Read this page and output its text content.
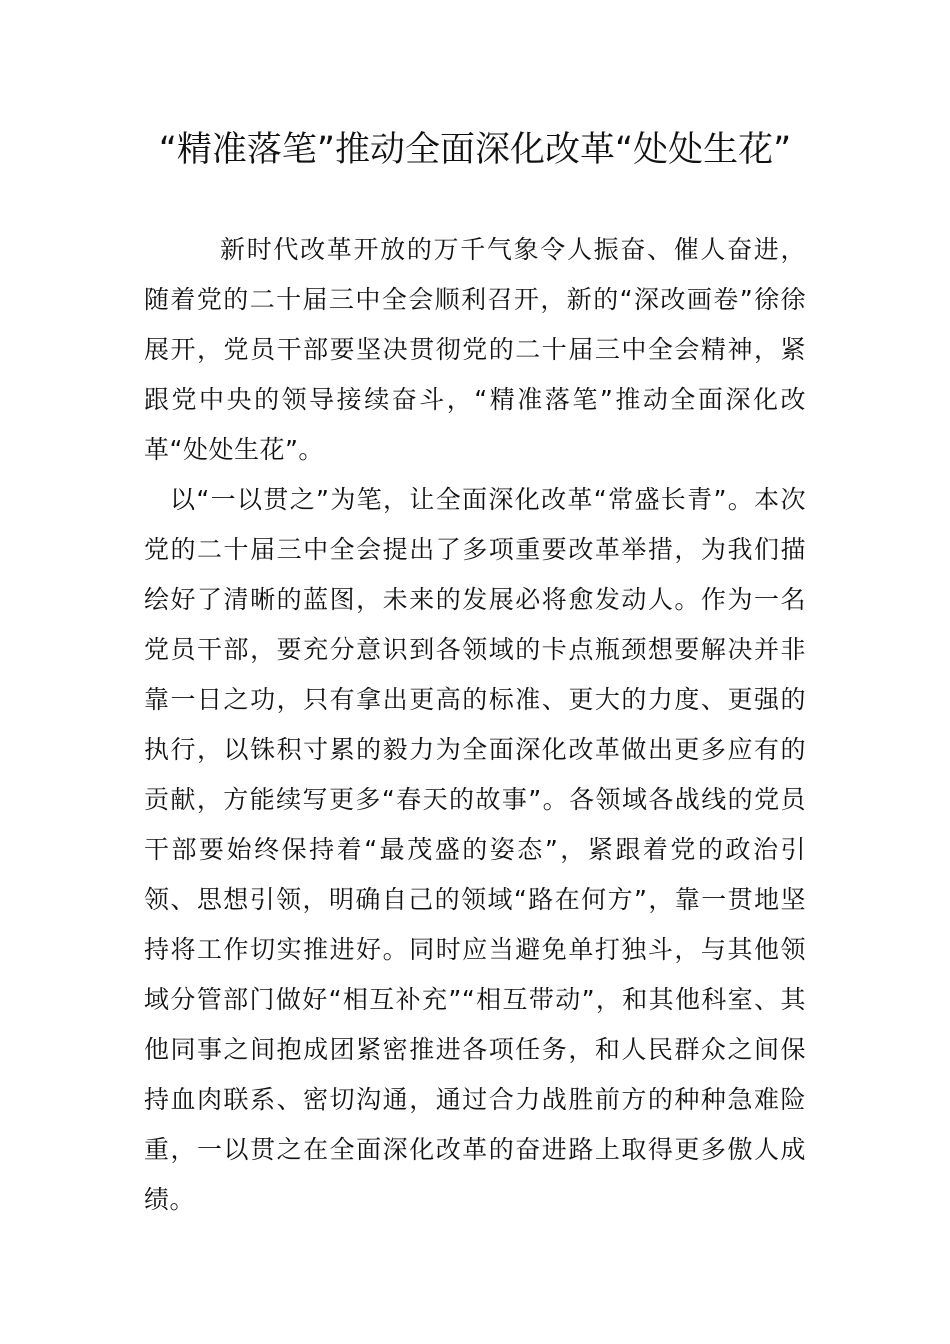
“精准落笔”推动全面深化改革“处处生花”

新时代改革开放的万千气象令人振奋、催人奋进，随着党的二十届三中全会顺利召开，新的“深改画卷”徐徐展开，党员干部要坚决贯彻党的二十届三中全会精神，紧跟党中央的领导接续奋斗，“精准落笔”推动全面深化改革“处处生花”。

以“一以贯之”为笔，让全面深化改革“常盛长青”。本次党的二十届三中全会提出了多项重要改革举措，为我们描绘好了清晰的蓝图，未来的发展必将愈发动人。作为一名党员干部，要充分意识到各领域的卡点瓶颈想要解决并非靠一日之功，只有拿出更高的标准、更大的力度、更强的执行，以铢积寸累的毅力为全面深化改革做出更多应有的贡献，方能续写更多“春天的故事”。各领域各战线的党员干部要始终保持着“最茂盛的姿态”，紧跟着党的政治引领、思想引领，明确自己的领域“路在何方”，靠一贯地坚持将工作切实推进好。同时应当避免单打独斗，与其他领域分管部门做好“相互补充”“相互带动”，和其他科室、其他同事之间抱成团紧密推进各项任务，和人民群众之间保持血肉联系、密切沟通，通过合力战胜前方的种种急难险重，一以贯之在全面深化改革的奋进路上取得更多傲人成绩。
